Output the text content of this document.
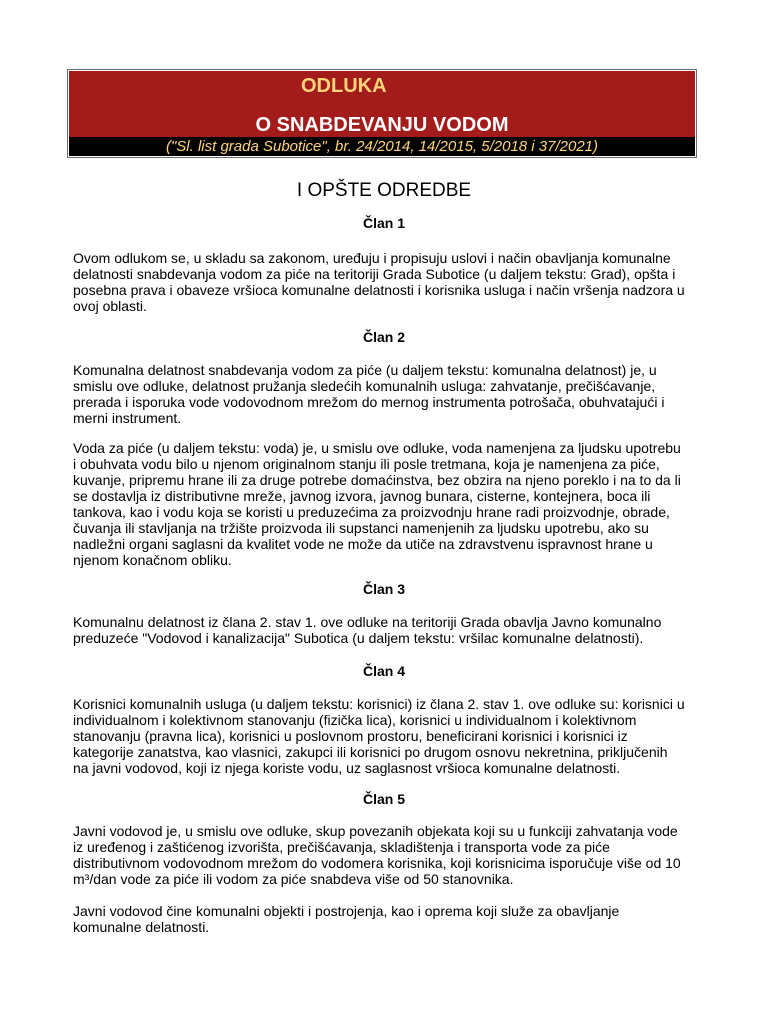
ODLUKA
O SNABDEVANJU VODOM
("Sl. list grada Subotice", br. 24/2014, 14/2015, 5/2018 i 37/2021)
I OPŠTE ODREDBE
Član 1
Ovom odlukom se, u skladu sa zakonom, uređuju i propisuju uslovi i način obavljanja komunalne
delatnosti snabdevanja vodom za piće na teritoriji Grada Subotice (u daljem tekstu: Grad), opšta i
posebna prava i obaveze vršioca komunalne delatnosti i korisnika usluga i način vršenja nadzora u
ovoj oblasti.
Član 2
Komunalna delatnost snabdevanja vodom za piće (u daljem tekstu: komunalna delatnost) je, u
smislu ove odluke, delatnost pružanja sledećih komunalnih usluga: zahvatanje, prečišćavanje,
prerada i isporuka vode vodovodnom mrežom do mernog instrumenta potrošača, obuhvatajući i
merni instrument.
Voda za piće (u daljem tekstu: voda) je, u smislu ove odluke, voda namenjena za ljudsku upotrebu
i obuhvata vodu bilo u njenom originalnom stanju ili posle tretmana, koja je namenjena za piće,
kuvanje, pripremu hrane ili za druge potrebe domaćinstva, bez obzira na njeno poreklo i na to da li
se dostavlja iz distributivne mreže, javnog izvora, javnog bunara, cisterne, kontejnera, boca ili
tankova, kao i vodu koja se koristi u preduzećima za proizvodnju hrane radi proizvodnje, obrade,
čuvanja ili stavljanja na tržište proizvoda ili supstanci namenjenih za ljudsku upotrebu, ako su
nadležni organi saglasni da kvalitet vode ne može da utiče na zdravstvenu ispravnost hrane u
njenom konačnom obliku.
Član 3
Komunalnu delatnost iz člana 2. stav 1. ove odluke na teritoriji Grada obavlja Javno komunalno
preduzeće "Vodovod i kanalizacija" Subotica (u daljem tekstu: vršilac komunalne delatnosti).
Član 4
Korisnici komunalnih usluga (u daljem tekstu: korisnici) iz člana 2. stav 1. ove odluke su: korisnici u
individualnom i kolektivnom stanovanju (fizička lica), korisnici u individualnom i kolektivnom
stanovanju (pravna lica), korisnici u poslovnom prostoru, beneficirani korisnici i korisnici iz
kategorije zanatstva, kao vlasnici, zakupci ili korisnici po drugom osnovu nekretnina, priključenih
na javni vodovod, koji iz njega koriste vodu, uz saglasnost vršioca komunalne delatnosti.
Član 5
Javni vodovod je, u smislu ove odluke, skup povezanih objekata koji su u funkciji zahvatanja vode
iz uređenog i zaštićenog izvorišta, prečišćavanja, skladištenja i transporta vode za piće
distributivnom vodovodnom mrežom do vodomera korisnika, koji korisnicima isporučuje više od 10
m³/dan vode za piće ili vodom za piće snabdeva više od 50 stanovnika.
Javni vodovod čine komunalni objekti i postrojenja, kao i oprema koji služe za obavljanje
komunalne delatnosti.
